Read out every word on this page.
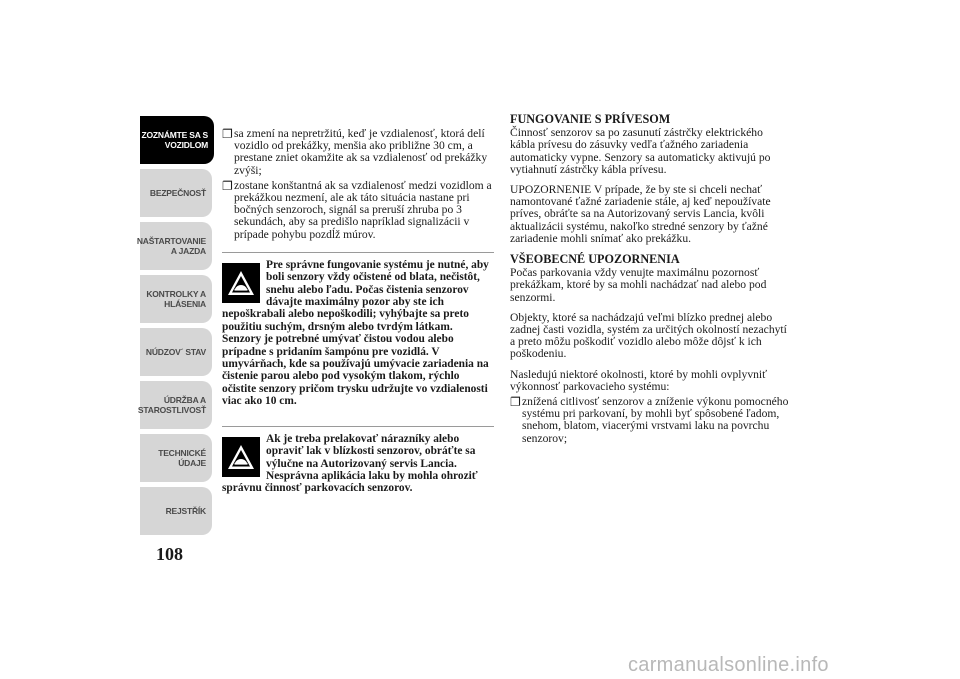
ZOZNÁMTE SA S
VOZIDLOM
BEZPEČNOSŤ
NAŠTARTOVANIE
A JAZDA
KONTROLKY A
HLÁSENIA
NÚDZOV´ STAV
ÚDRŽBA A
STAROSTLIVOSŤ
TECHNICKÉ
ÚDAJE
REJSTŘÍK
108
❐ sa zmení na nepretržitú, keď je vzdialenosť, ktorá delí vozidlo od prekážky, menšia ako približne 30 cm, a prestane zniet okamžite ak sa vzdialenosť od prekážky zvýši;
❐ zostane konštantná ak sa vzdialenosť medzi vozidlom a prekážkou nezmení, ale ak táto situácia nastane pri bočných senzoroch, signál sa preruší zhruba po 3 sekundách, aby sa predišlo napríklad signalizácii v prípade pohybu pozdĺž múrov.
Pre správne fungovanie systému je nutné, aby boli senzory vždy očistené od blata, nečistôt, snehu alebo ľadu. Počas čistenia senzorov dávajte maximálny pozor aby ste ich nepoškrabali alebo nepoškodili; vyhýbajte sa preto použitiu suchým, drsným alebo tvrdým látkam. Senzory je potrebné umývať čistou vodou alebo prípadne s pridaním šampónu pre vozidlá. V umyvárňach, kde sa používajú umývacie zariadenia na čistenie parou alebo pod vysokým tlakom, rýchlo očistite senzory pričom trysku udržujte vo vzdialenosti viac ako 10 cm.
Ak je treba prelakovať nárazníky alebo opraviť lak v blízkosti senzorov, obráťte sa výlučne na Autorizovaný servis Lancia. Nesprávna aplikácia laku by mohla ohroziť správnu činnosť parkovacích senzorov.
FUNGOVANIE S PRÍVESOM

Činnosť senzorov sa po zasunutí zástrčky elektrického kábla prívesu do zásuvky vedľa ťažného zariadenia automaticky vypne. Senzory sa automaticky aktivujú po vytiahnutí zástrčky kábla prívesu.

UPOZORNENIE V prípade, že by ste si chceli nechať namontované ťažné zariadenie stále, aj keď nepoužívate príves, obráťte sa na Autorizovaný servis Lancia, kvôli aktualizácii systému, nakoľko stredné senzory by ťažné zariadenie mohli snímať ako prekážku.

VŠEOBECNÉ UPOZORNENIA

Počas parkovania vždy venujte maximálnu pozornosť prekážkam, ktoré by sa mohli nachádzať nad alebo pod senzormi.

Objekty, ktoré sa nachádzajú veľmi blízko prednej alebo zadnej časti vozidla, systém za určitých okolností nezachytí a preto môžu poškodiť vozidlo alebo môže dôjsť k ich poškodeniu.

Nasledujú niektoré okolnosti, ktoré by mohli ovplyvniť výkonnosť parkovacieho systému:

❐ znížená citlivosť senzorov a zníženie výkonu pomocného systému pri parkovaní, by mohli byť spôsobené ľadom, snehom, blatom, viacerými vrstvami laku na povrchu senzorov;
carmanualsonline.info
